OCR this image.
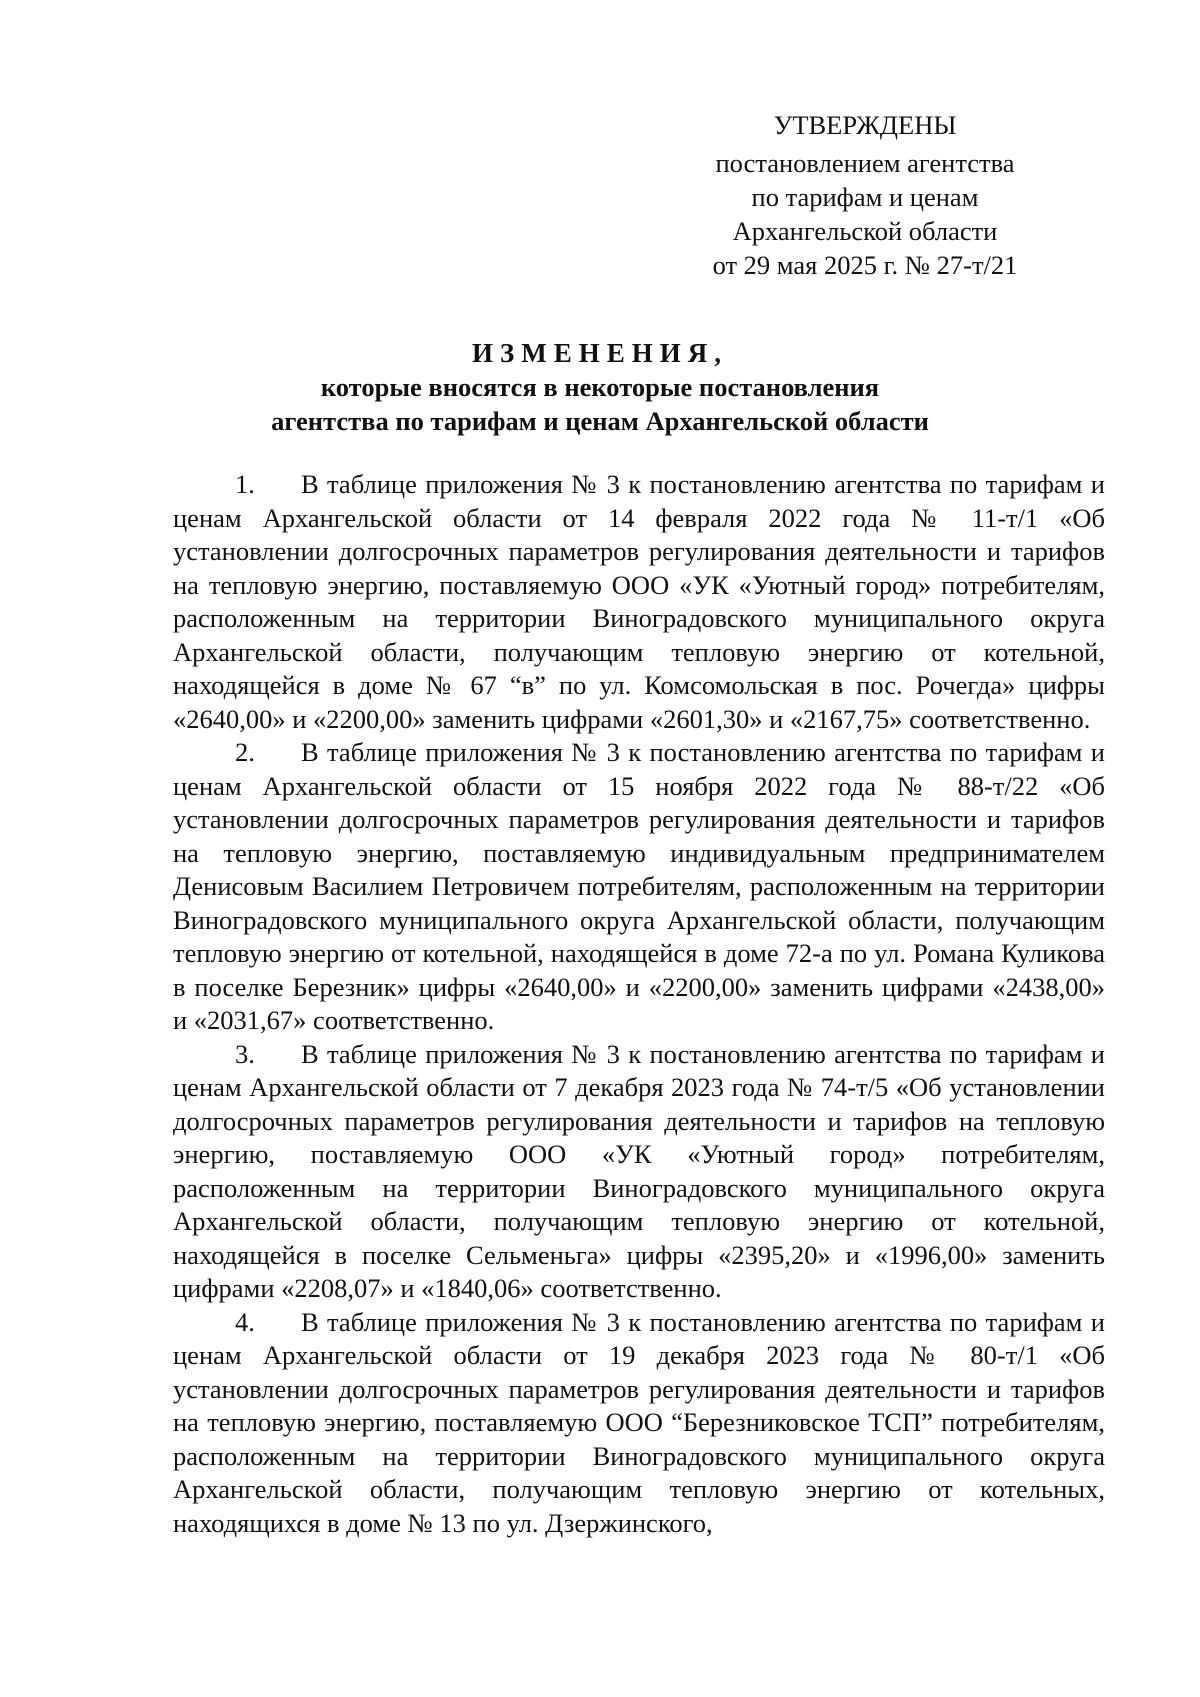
УТВЕРЖДЕНЫ
постановлением агентства
по тарифам и ценам
Архангельской области
от 29 мая 2025 г. № 27-т/21
ИЗМЕНЕНИЯ,
которые вносятся в некоторые постановления
агентства по тарифам и ценам Архангельской области

1. В таблице приложения № 3 к постановлению агентства по тарифам и ценам Архангельской области от 14 февраля 2022 года № 11-т/1 «Об установлении долгосрочных параметров регулирования деятельности и тарифов на тепловую энергию, поставляемую ООО «УК «Уютный город» потребителям, расположенным на территории Виноградовского муниципального округа Архангельской области, получающим тепловую энергию от котельной, находящейся в доме № 67 “в” по ул. Комсомольская в пос. Рочегда» цифры «2640,00» и «2200,00» заменить цифрами «2601,30» и «2167,75» соответственно.

2. В таблице приложения № 3 к постановлению агентства по тарифам и ценам Архангельской области от 15 ноября 2022 года № 88-т/22 «Об установлении долгосрочных параметров регулирования деятельности и тарифов на тепловую энергию, поставляемую индивидуальным предпринимателем Денисовым Василием Петровичем потребителям, расположенным на территории Виноградовского муниципального округа Архангельской области, получающим тепловую энергию от котельной, находящейся в доме 72-а по ул. Романа Куликова в поселке Березник» цифры «2640,00» и «2200,00» заменить цифрами «2438,00» и «2031,67» соответственно.

3. В таблице приложения № 3 к постановлению агентства по тарифам и ценам Архангельской области от 7 декабря 2023 года № 74-т/5 «Об установлении долгосрочных параметров регулирования деятельности и тарифов на тепловую энергию, поставляемую ООО «УК «Уютный город» потребителям, расположенным на территории Виноградовского муниципального округа Архангельской области, получающим тепловую энергию от котельной, находящейся в поселке Сельменьга» цифры «2395,20» и «1996,00» заменить цифрами «2208,07» и «1840,06» соответственно.

4. В таблице приложения № 3 к постановлению агентства по тарифам и ценам Архангельской области от 19 декабря 2023 года № 80-т/1 «Об установлении долгосрочных параметров регулирования деятельности и тарифов на тепловую энергию, поставляемую ООО “Березниковское ТСП” потребителям, расположенным на территории Виноградовского муниципального округа Архангельской области, получающим тепловую энергию от котельных, находящихся в доме № 13 по ул. Дзержинского,
